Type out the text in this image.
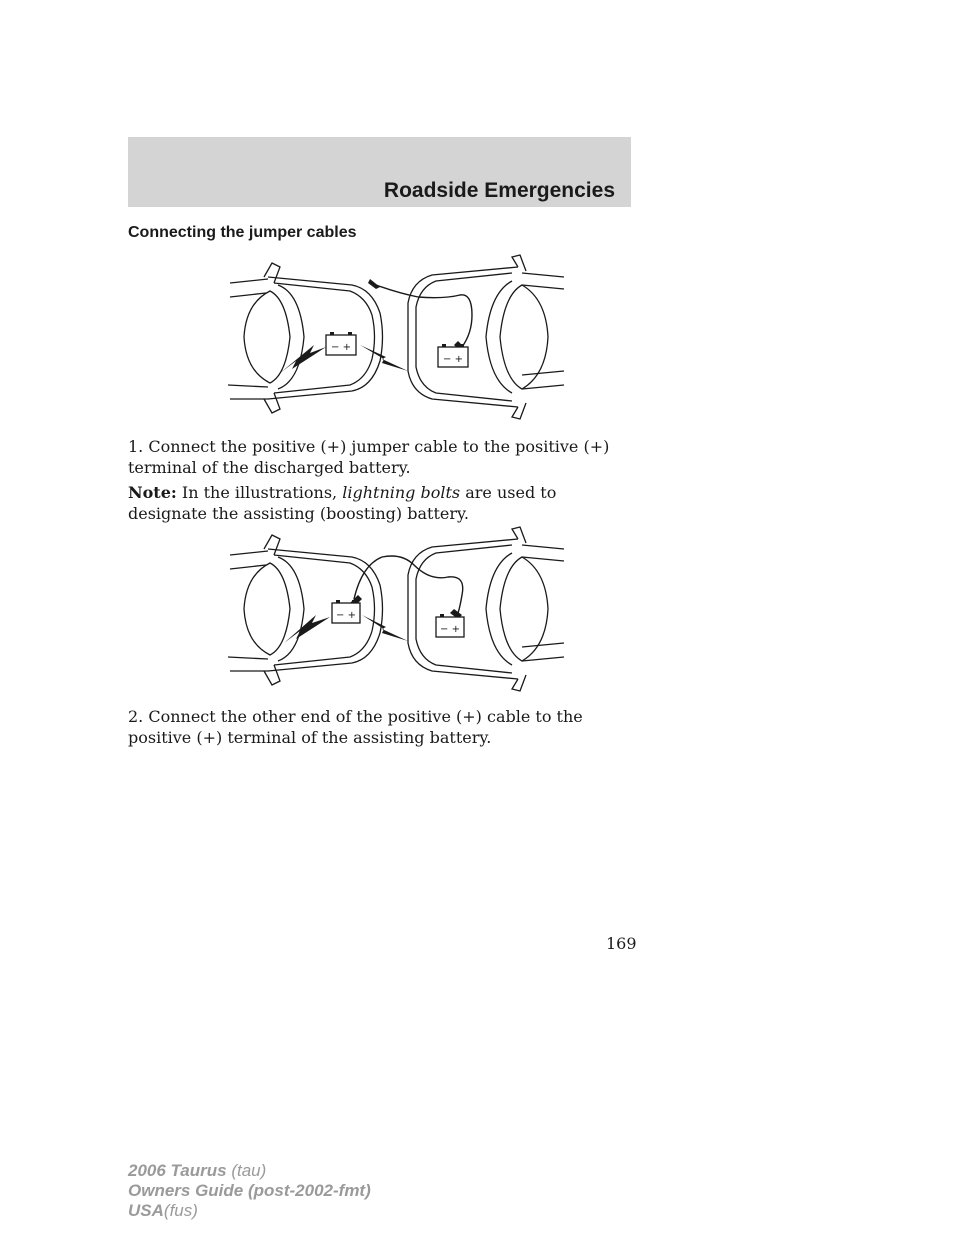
Roadside Emergencies
Connecting the jumper cables
− +
− +
1. Connect the positive (+) jumper cable to the positive (+) terminal of the discharged battery.
Note: In the illustrations, lightning bolts are used to designate the assisting (boosting) battery.
− +
− +
2. Connect the other end of the positive (+) cable to the positive (+) terminal of the assisting battery.
169
2006 Taurus (tau)
Owners Guide (post-2002-fmt)
USA(fus)
